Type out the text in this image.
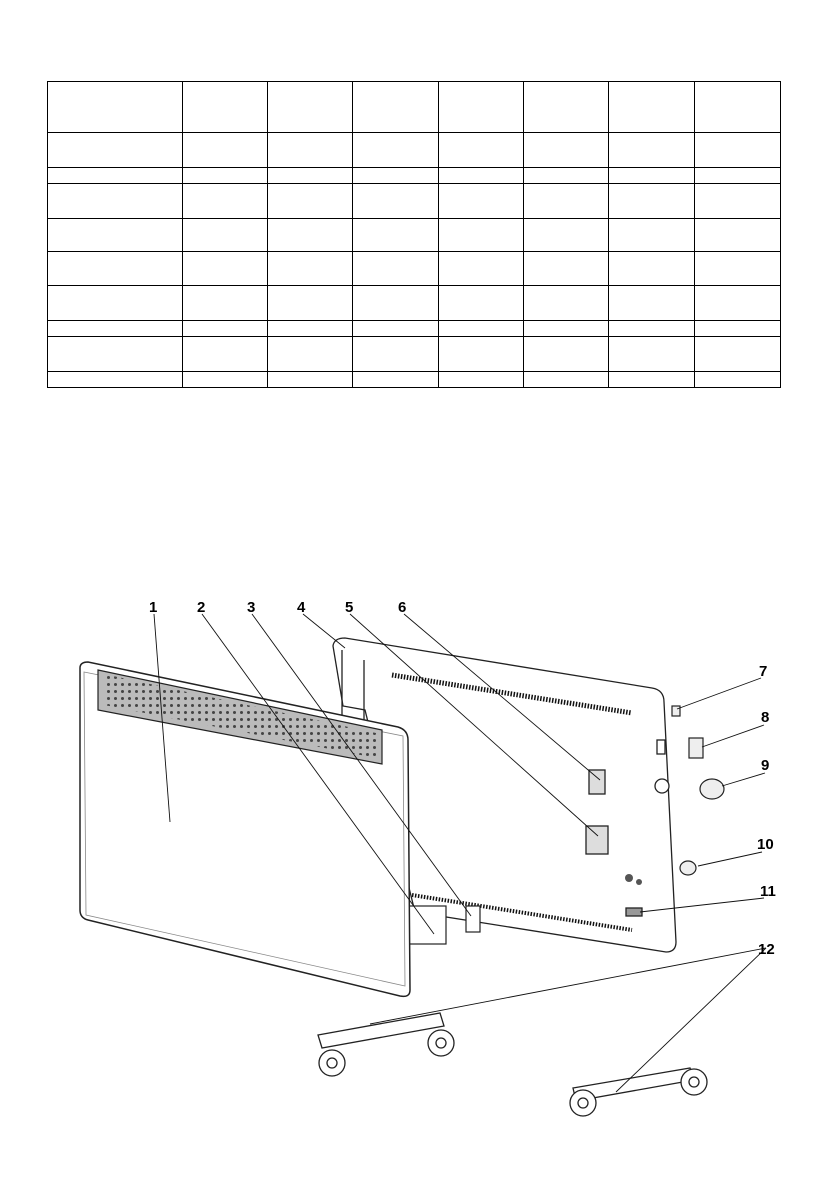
1	2	3	4	5	6
7
8
9
10
11
12
